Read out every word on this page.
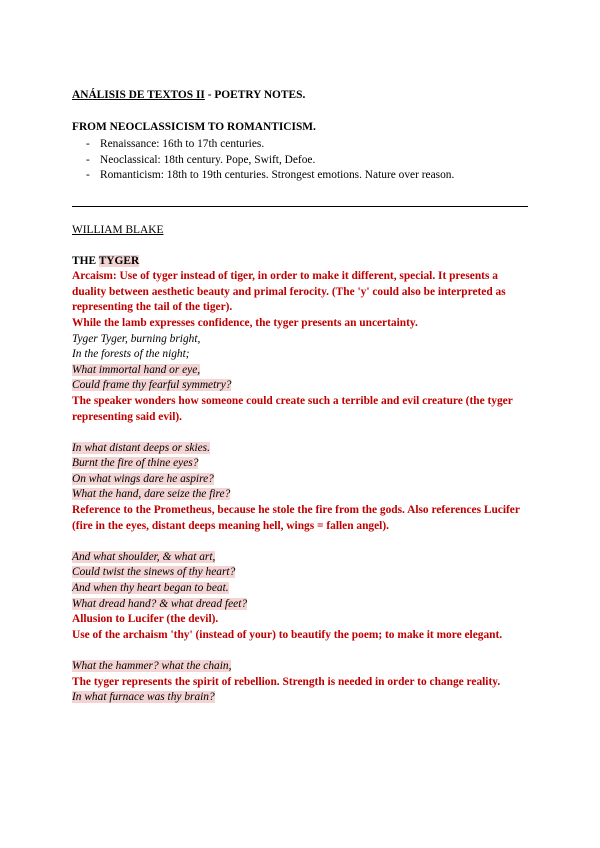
ANÁLISIS DE TEXTOS II - POETRY NOTES.
FROM NEOCLASSICISM TO ROMANTICISM.
- Renaissance: 16th to 17th centuries.
- Neoclassical: 18th century. Pope, Swift, Defoe.
- Romanticism: 18th to 19th centuries. Strongest emotions. Nature over reason.
WILLIAM BLAKE
THE TYGER
Arcaism: Use of tyger instead of tiger, in order to make it different, special. It presents a duality between aesthetic beauty and primal ferocity. (The 'y' could also be interpreted as representing the tail of the tiger).
While the lamb expresses confidence, the tyger presents an uncertainty.
Tyger Tyger, burning bright,
In the forests of the night;
What immortal hand or eye,
Could frame thy fearful symmetry?
The speaker wonders how someone could create such a terrible and evil creature (the tyger representing said evil).
In what distant deeps or skies.
Burnt the fire of thine eyes?
On what wings dare he aspire?
What the hand, dare seize the fire?
Reference to the Prometheus, because he stole the fire from the gods. Also references Lucifer (fire in the eyes, distant deeps meaning hell, wings = fallen angel).
And what shoulder, & what art,
Could twist the sinews of thy heart?
And when thy heart began to beat.
What dread hand? & what dread feet?
Allusion to Lucifer (the devil).
Use of the archaism 'thy' (instead of your) to beautify the poem; to make it more elegant.
What the hammer? what the chain,
The tyger represents the spirit of rebellion. Strength is needed in order to change reality.
In what furnace was thy brain?
